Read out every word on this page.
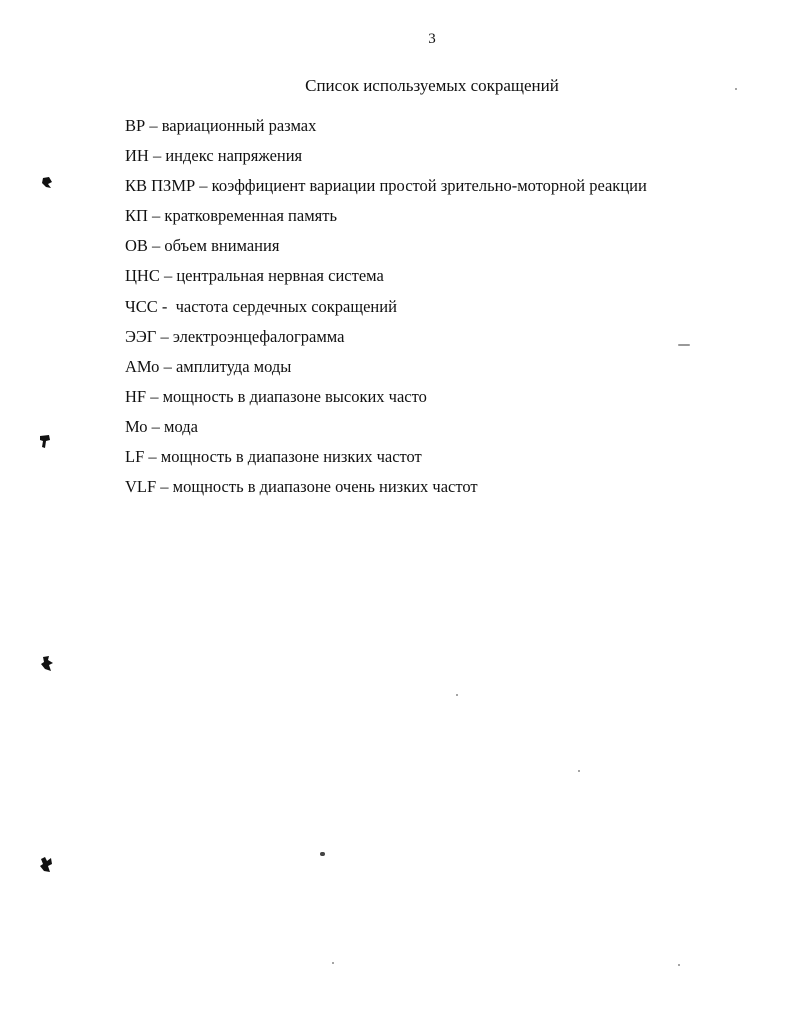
3
Список используемых сокращений
ВР – вариационный размах
ИН – индекс напряжения
КВ ПЗМР – коэффициент вариации простой зрительно-моторной реакции
КП – кратковременная память
ОВ – объем внимания
ЦНС – центральная нервная система
ЧСС -  частота сердечных сокращений
ЭЭГ – электроэнцефалограмма
АМо – амплитуда моды
HF – мощность в диапазоне высоких часто
Мо – мода
LF – мощность в диапазоне низких частот
VLF – мощность в диапазоне очень низких частот
